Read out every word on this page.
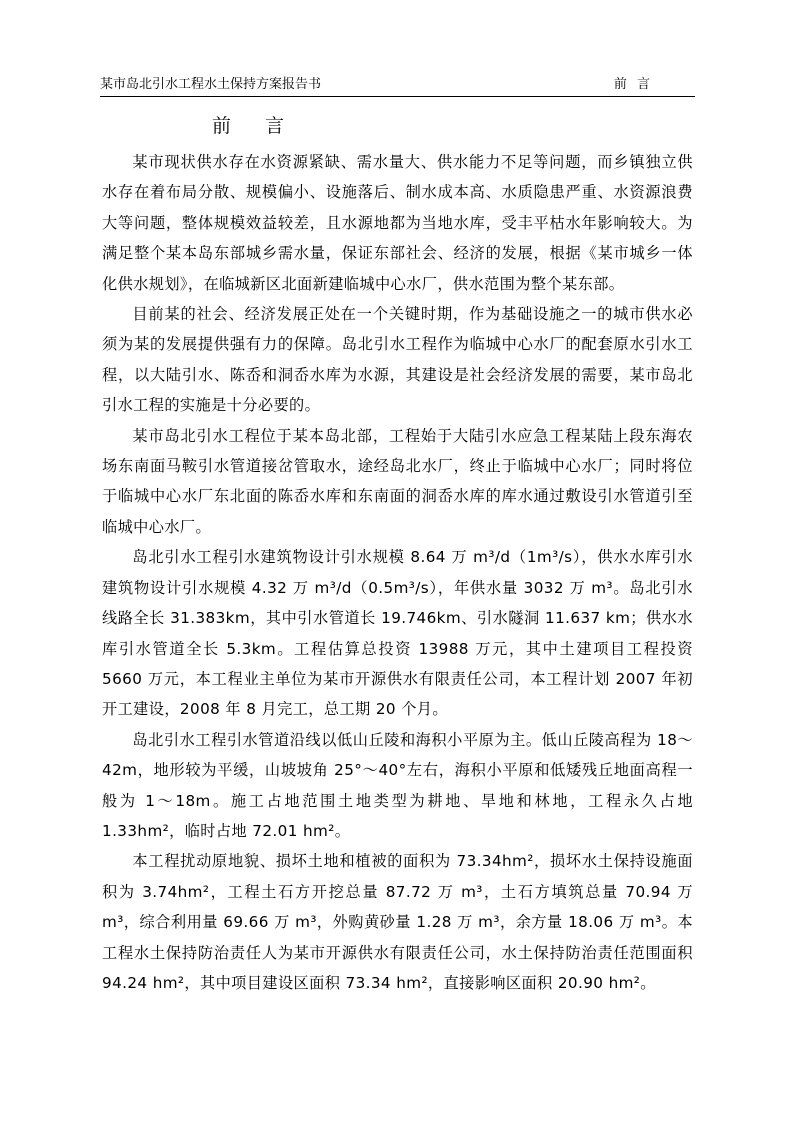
某市岛北引水工程水土保持方案报告书	前 言
前 言

某市现状供水存在水资源紧缺、需水量大、供水能力不足等问题，而乡镇独立供水存在着布局分散、规模偏小、设施落后、制水成本高、水质隐患严重、水资源浪费大等问题，整体规模效益较差，且水源地都为当地水库，受丰平枯水年影响较大。为满足整个某本岛东部城乡需水量，保证东部社会、经济的发展，根据《某市城乡一体化供水规划》，在临城新区北面新建临城中心水厂，供水范围为整个某东部。

目前某的社会、经济发展正处在一个关键时期，作为基础设施之一的城市供水必须为某的发展提供强有力的保障。岛北引水工程作为临城中心水厂的配套原水引水工程，以大陆引水、陈岙和洞岙水库为水源，其建设是社会经济发展的需要，某市岛北引水工程的实施是十分必要的。

某市岛北引水工程位于某本岛北部，工程始于大陆引水应急工程某陆上段东海农场东南面马鞍引水管道接岔管取水，途经岛北水厂，终止于临城中心水厂；同时将位于临城中心水厂东北面的陈岙水库和东南面的洞岙水库的库水通过敷设引水管道引至临城中心水厂。

岛北引水工程引水建筑物设计引水规模 8.64 万 m³/d（1m³/s），供水水库引水建筑物设计引水规模 4.32 万 m³/d（0.5m³/s），年供水量 3032 万 m³。岛北引水线路全长 31.383km，其中引水管道长 19.746km、引水隧洞 11.637 km；供水水库引水管道全长 5.3km。工程估算总投资 13988 万元，其中土建项目工程投资 5660 万元，本工程业主单位为某市开源供水有限责任公司，本工程计划 2007 年初开工建设，2008 年 8 月完工，总工期 20 个月。

岛北引水工程引水管道沿线以低山丘陵和海积小平原为主。低山丘陵高程为 18～42m，地形较为平缓，山坡坡角 25°～40°左右，海积小平原和低矮残丘地面高程一般为 1～18m。施工占地范围土地类型为耕地、旱地和林地，工程永久占地 1.33hm²，临时占地 72.01 hm²。

本工程扰动原地貌、损坏土地和植被的面积为 73.34hm²，损坏水土保持设施面积为 3.74hm²，工程土石方开挖总量 87.72 万 m³，土石方填筑总量 70.94 万 m³，综合利用量 69.66 万 m³，外购黄砂量 1.28 万 m³，余方量 18.06 万 m³。本工程水土保持防治责任人为某市开源供水有限责任公司，水土保持防治责任范围面积 94.24 hm²，其中项目建设区面积 73.34 hm²，直接影响区面积 20.90 hm²。
